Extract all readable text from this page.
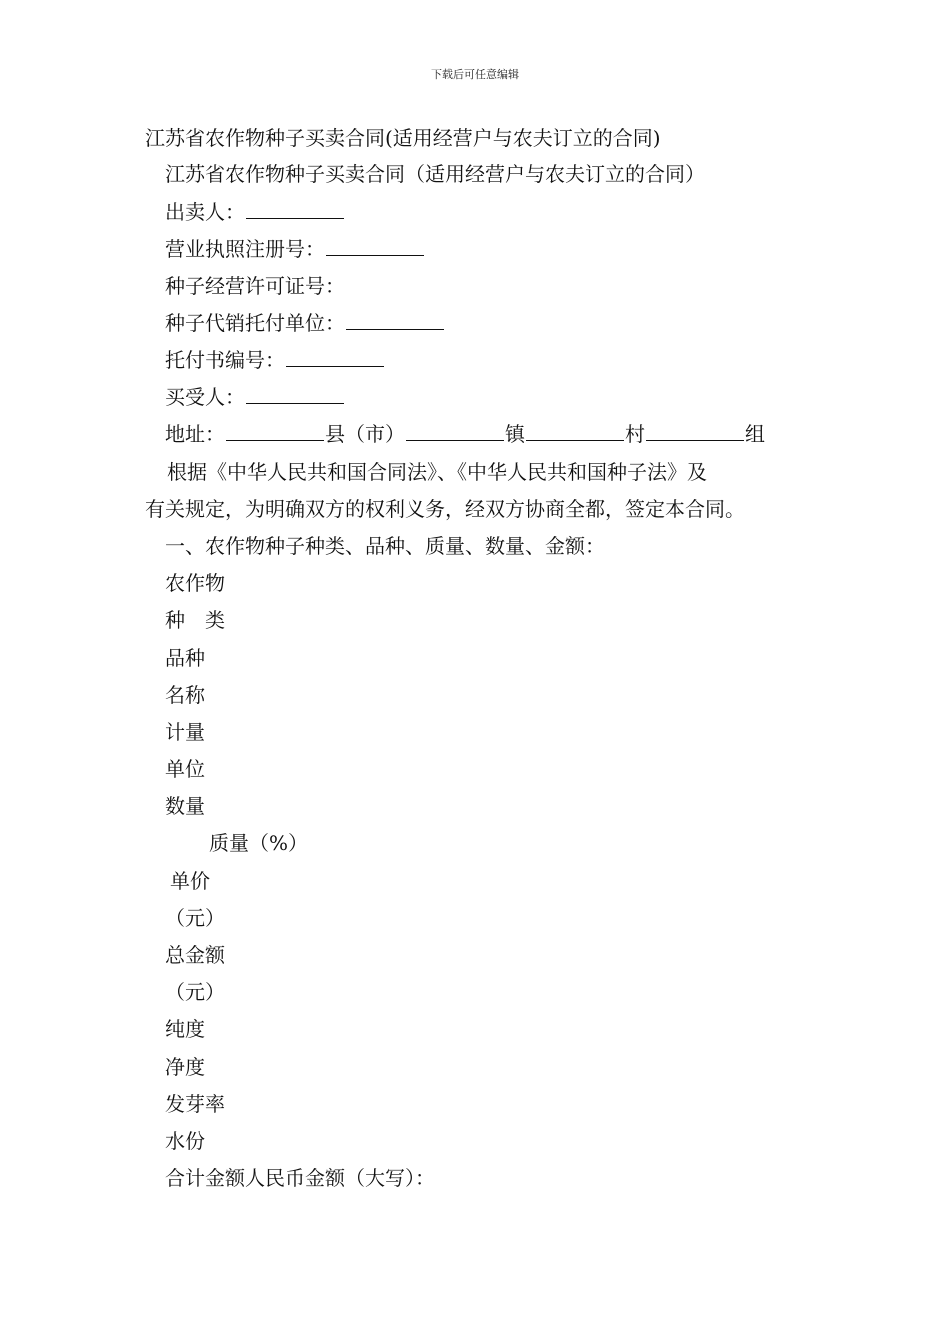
下载后可任意编辑
江苏省农作物种子买卖合同(适用经营户与农夫订立的合同)
江苏省农作物种子买卖合同（适用经营户与农夫订立的合同）
出卖人：
营业执照注册号：
种子经营许可证号：
种子代销托付单位：
托付书编号：
买受人：
地址：	县（市）	镇	村	组
根据《中华人民共和国合同法》、《中华人民共和国种子法》及
有关规定，为明确双方的权利义务，经双方协商全都，签定本合同。
一、农作物种子种类、品种、质量、数量、金额：
农作物
种　类
品种
名称
计量
单位
数量
质量（%）
单价
（元）
总金额
（元）
纯度
净度
发芽率
水份
合计金额人民币金额（大写）：
